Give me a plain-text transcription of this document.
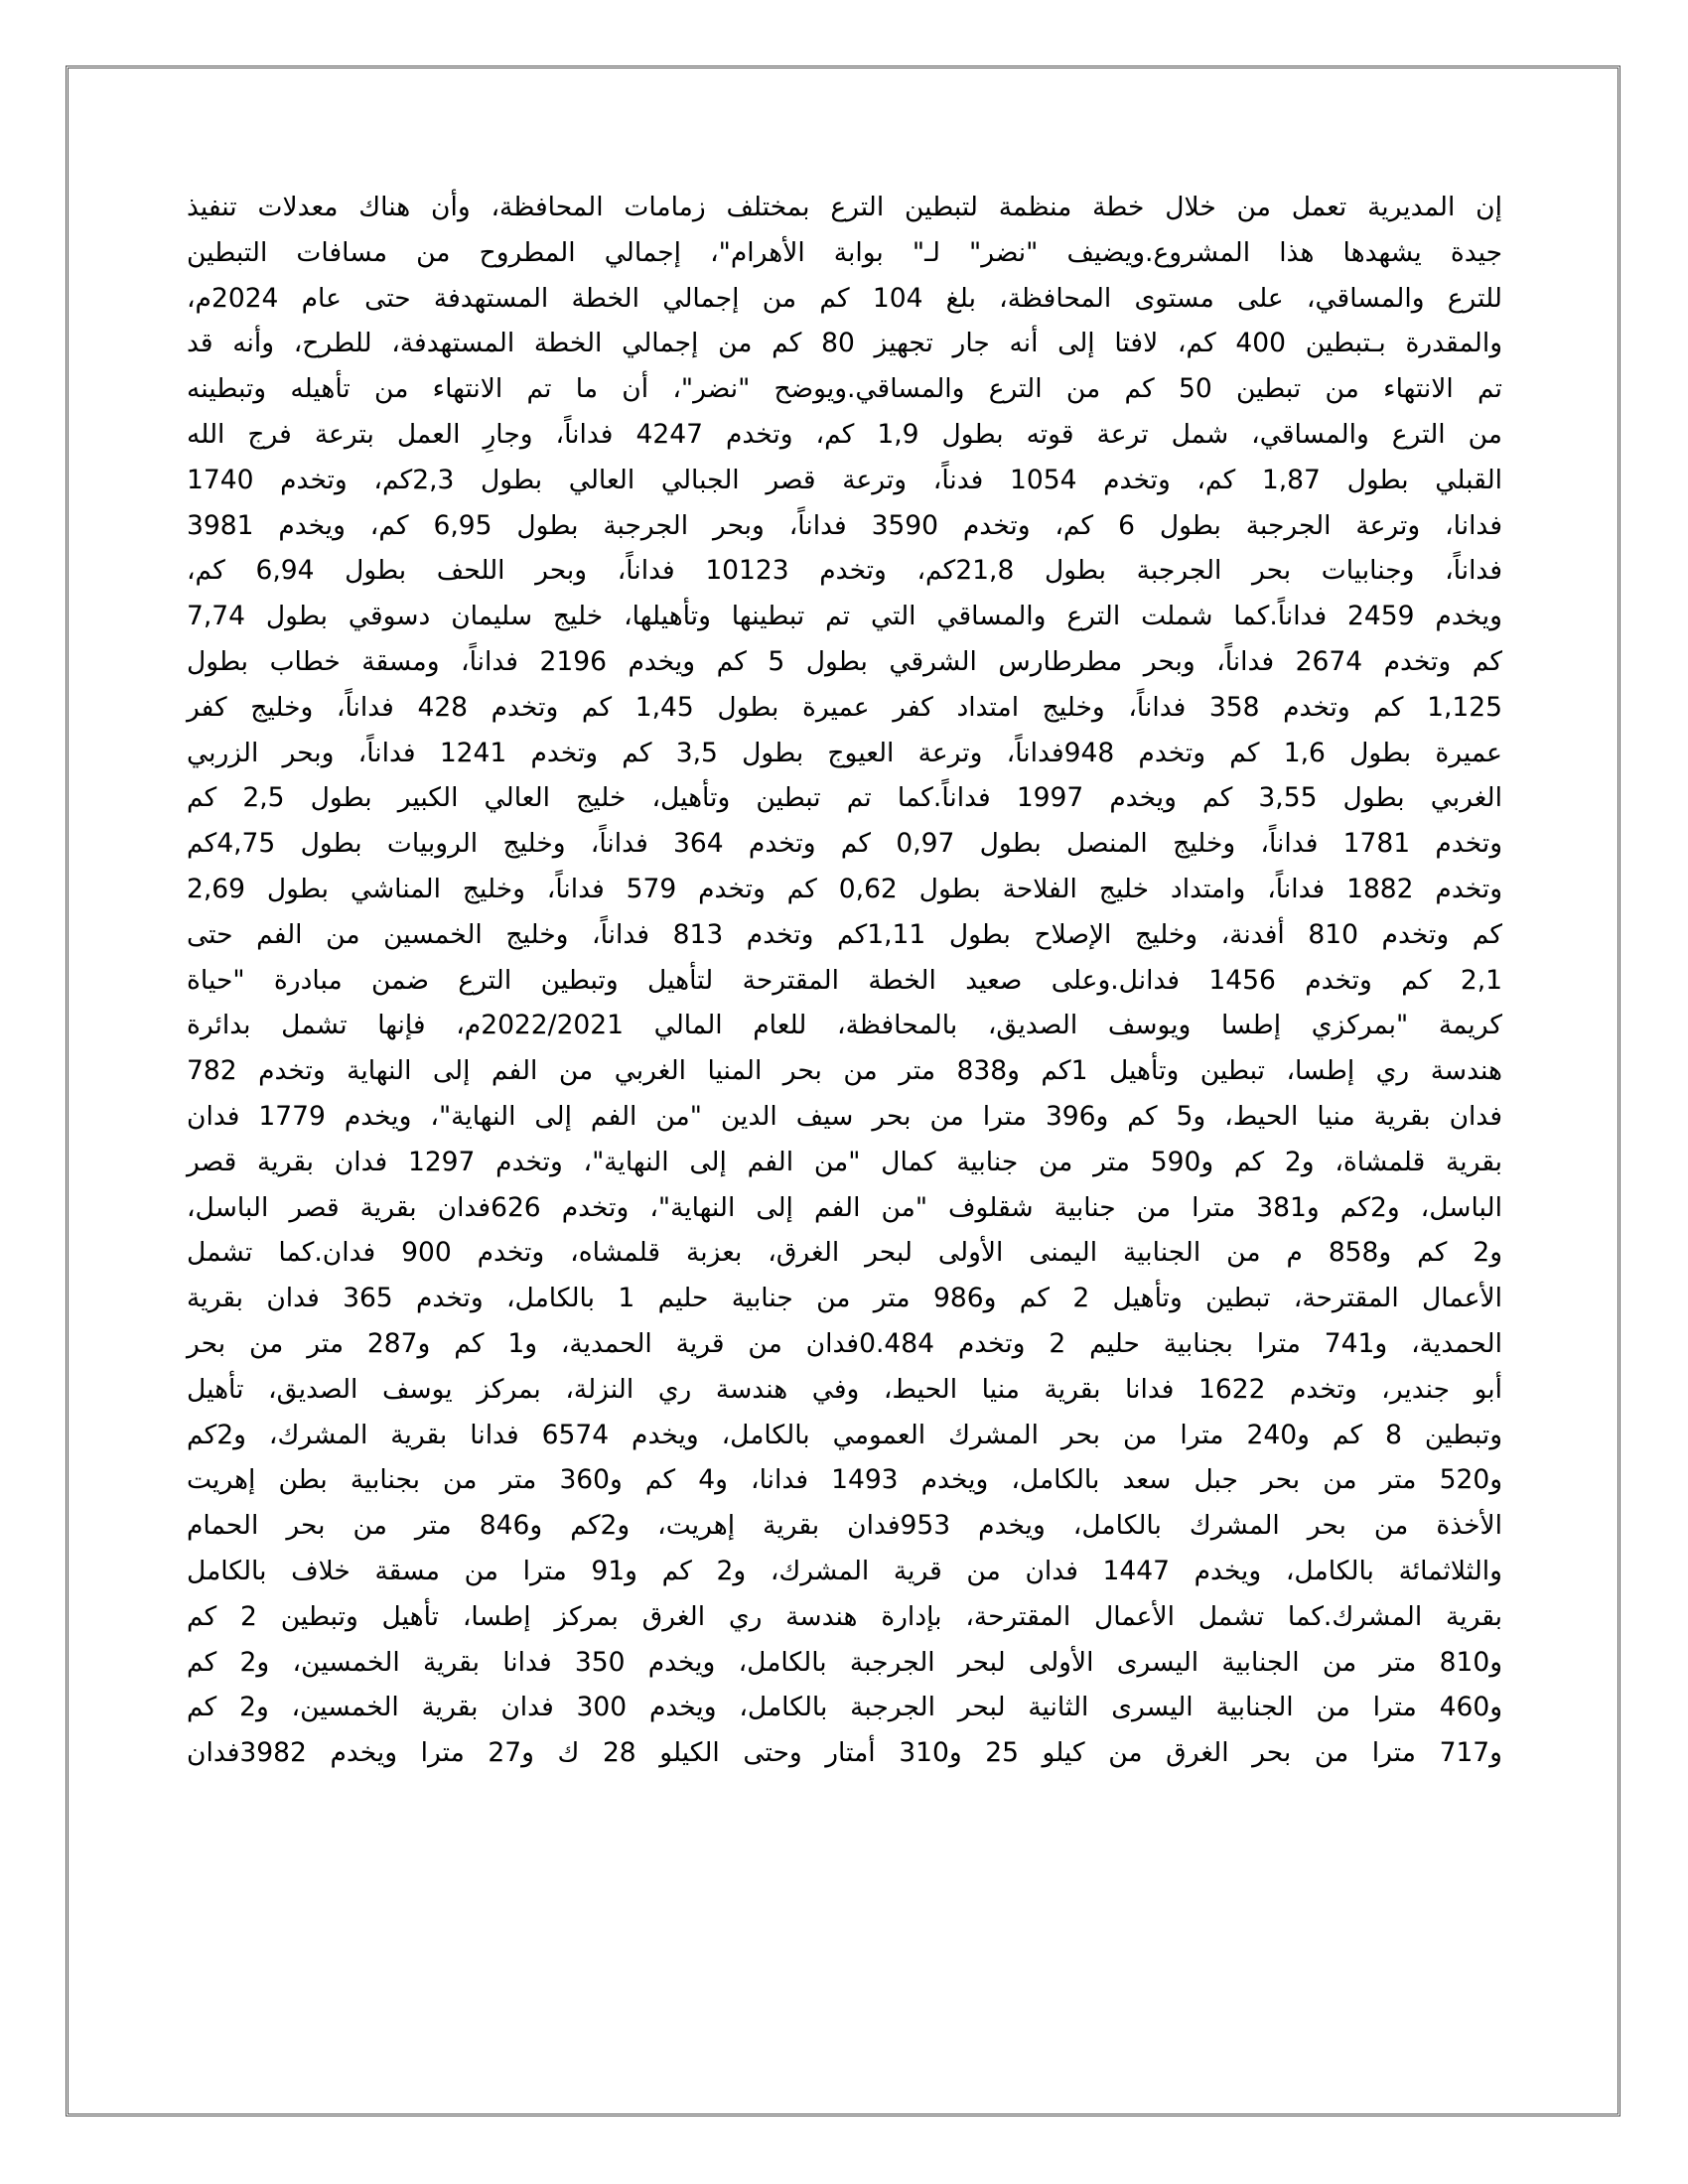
إن المديرية تعمل من خلال خطة منظمة لتبطين الترع بمختلف زمامات المحافظة، وأن هناك معدلات تنفيذ
جيدة يشهدها هذا المشروع.ويضيف "نضر" لـ" بوابة الأهرام"، إجمالي المطروح من مسافات التبطين
للترع والمساقي، على مستوى المحافظة، بلغ 104 كم من إجمالي الخطة المستهدفة حتى عام 2024م،
والمقدرة بـتبطين 400 كم، لافتا إلى أنه جار تجهيز 80 كم من إجمالي الخطة المستهدفة، للطرح، وأنه قد
تم الانتهاء من تبطين 50 كم من الترع والمساقي.ويوضح "نضر"، أن ما تم الانتهاء من تأهيله وتبطينه
من الترع والمساقي، شمل ترعة قوته بطول 1,9 كم، وتخدم 4247 فداناً، وجارِ العمل بترعة فرج الله
القبلي بطول 1,87 كم، وتخدم 1054 فدناً، وترعة قصر الجبالي العالي بطول 2,3كم، وتخدم 1740
فدانا، وترعة الجرجبة بطول 6 كم، وتخدم 3590 فداناً، وبحر الجرجبة بطول 6,95 كم، ويخدم 3981
فداناً، وجنابيات بحر الجرجبة بطول 21,8كم، وتخدم 10123 فداناً، وبحر اللحف بطول 6,94 كم،
ويخدم 2459 فداناً.كما شملت الترع والمساقي التي تم تبطينها وتأهيلها، خليج سليمان دسوقي بطول 7,74
كم وتخدم 2674 فداناً، وبحر مطرطارس الشرقي بطول 5 كم ويخدم 2196 فداناً، ومسقة خطاب بطول
1,125 كم وتخدم 358 فداناً، وخليج امتداد كفر عميرة بطول 1,45 كم وتخدم 428 فداناً، وخليج كفر
عميرة بطول 1,6 كم وتخدم 948فداناً، وترعة العيوج بطول 3,5 كم وتخدم 1241 فداناً، وبحر الزربي
الغربي بطول 3,55 كم ويخدم 1997 فداناً.كما تم تبطين وتأهيل، خليج العالي الكبير بطول 2,5 كم
وتخدم 1781 فداناً، وخليج المنصل بطول 0,97 كم وتخدم 364 فداناً، وخليج الروبيات بطول 4,75كم
وتخدم 1882 فداناً، وامتداد خليج الفلاحة بطول 0,62 كم وتخدم 579 فداناً، وخليج المناشي بطول 2,69
كم وتخدم 810 أفدنة، وخليج الإصلاح بطول 1,11كم وتخدم 813 فداناً، وخليج الخمسين من الفم حتى
2,1 كم وتخدم 1456 فدانل.وعلى صعيد الخطة المقترحة لتأهيل وتبطين الترع ضمن مبادرة "حياة
كريمة "بمركزي إطسا ويوسف الصديق، بالمحافظة، للعام المالي 2022/2021م، فإنها تشمل بدائرة
هندسة ري إطسا، تبطين وتأهيل 1كم و838 متر من بحر المنيا الغربي من الفم إلى النهاية وتخدم 782
فدان بقرية منيا الحيط، و5 كم و396 مترا من بحر سيف الدين "من الفم إلى النهاية"، ويخدم 1779 فدان
بقرية قلمشاة، و2 كم و590 متر من جنابية كمال "من الفم إلى النهاية"، وتخدم 1297 فدان بقرية قصر
الباسل، و2كم و381 مترا من جنابية شقلوف "من الفم إلى النهاية"، وتخدم 626فدان بقرية قصر الباسل،
و2 كم و858 م من الجنابية اليمنى الأولى لبحر الغرق، بعزبة قلمشاه، وتخدم 900 فدان.كما تشمل
الأعمال المقترحة، تبطين وتأهيل 2 كم و986 متر من جنابية حليم 1 بالكامل، وتخدم 365 فدان بقرية
الحمدية، و741 مترا بجنابية حليم 2 وتخدم 0.484فدان من قرية الحمدية، و1 كم و287 متر من بحر
أبو جندير، وتخدم 1622 فدانا بقرية منيا الحيط، وفي هندسة ري النزلة، بمركز يوسف الصديق، تأهيل
وتبطين 8 كم و240 مترا من بحر المشرك العمومي بالكامل، ويخدم 6574 فدانا بقرية المشرك، و2كم
و520 متر من بحر جبل سعد بالكامل، ويخدم 1493 فدانا، و4 كم و360 متر من بجنابية بطن إهريت
الأخذة من بحر المشرك بالكامل، ويخدم 953فدان بقرية إهريت، و2كم و846 متر من بحر الحمام
والثلاثمائة بالكامل، ويخدم 1447 فدان من قرية المشرك، و2 كم و91 مترا من مسقة خلاف بالكامل
بقرية المشرك.كما تشمل الأعمال المقترحة، بإدارة هندسة ري الغرق بمركز إطسا، تأهيل وتبطين 2 كم
و810 متر من الجنابية اليسرى الأولى لبحر الجرجبة بالكامل، ويخدم 350 فدانا بقرية الخمسين، و2 كم
و460 مترا من الجنابية اليسرى الثانية لبحر الجرجبة بالكامل، ويخدم 300 فدان بقرية الخمسين، و2 كم
و717 مترا من بحر الغرق من كيلو 25 و310 أمتار وحتى الكيلو 28 ك و27 مترا ويخدم 3982فدان
